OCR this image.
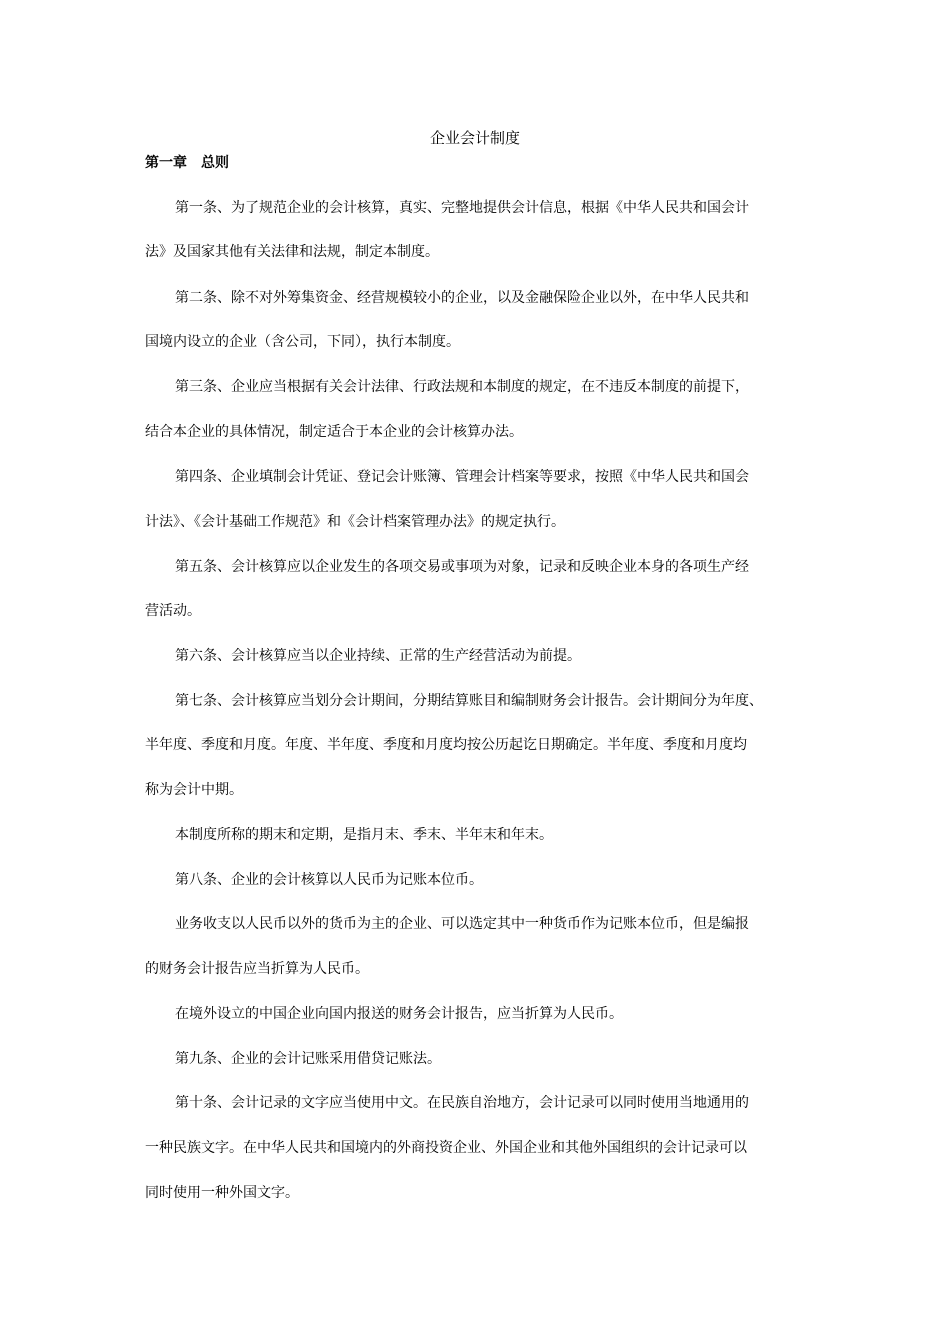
企业会计制度
第一章　总则
第一条、为了规范企业的会计核算，真实、完整地提供会计信息，根据《中华人民共和国会计
法》及国家其他有关法律和法规，制定本制度。
第二条、除不对外筹集资金、经营规模较小的企业，以及金融保险企业以外，在中华人民共和
国境内设立的企业（含公司，下同），执行本制度。
第三条、企业应当根据有关会计法律、行政法规和本制度的规定，在不违反本制度的前提下，
结合本企业的具体情况，制定适合于本企业的会计核算办法。
第四条、企业填制会计凭证、登记会计账簿、管理会计档案等要求，按照《中华人民共和国会
计法》、《会计基础工作规范》和《会计档案管理办法》的规定执行。
第五条、会计核算应以企业发生的各项交易或事项为对象，记录和反映企业本身的各项生产经
营活动。
第六条、会计核算应当以企业持续、正常的生产经营活动为前提。
第七条、会计核算应当划分会计期间，分期结算账目和编制财务会计报告。会计期间分为年度、
半年度、季度和月度。年度、半年度、季度和月度均按公历起讫日期确定。半年度、季度和月度均
称为会计中期。
本制度所称的期末和定期，是指月末、季末、半年末和年末。
第八条、企业的会计核算以人民币为记账本位币。
业务收支以人民币以外的货币为主的企业、可以选定其中一种货币作为记账本位币，但是编报
的财务会计报告应当折算为人民币。
在境外设立的中国企业向国内报送的财务会计报告，应当折算为人民币。
第九条、企业的会计记账采用借贷记账法。
第十条、会计记录的文字应当使用中文。在民族自治地方，会计记录可以同时使用当地通用的
一种民族文字。在中华人民共和国境内的外商投资企业、外国企业和其他外国组织的会计记录可以
同时使用一种外国文字。
